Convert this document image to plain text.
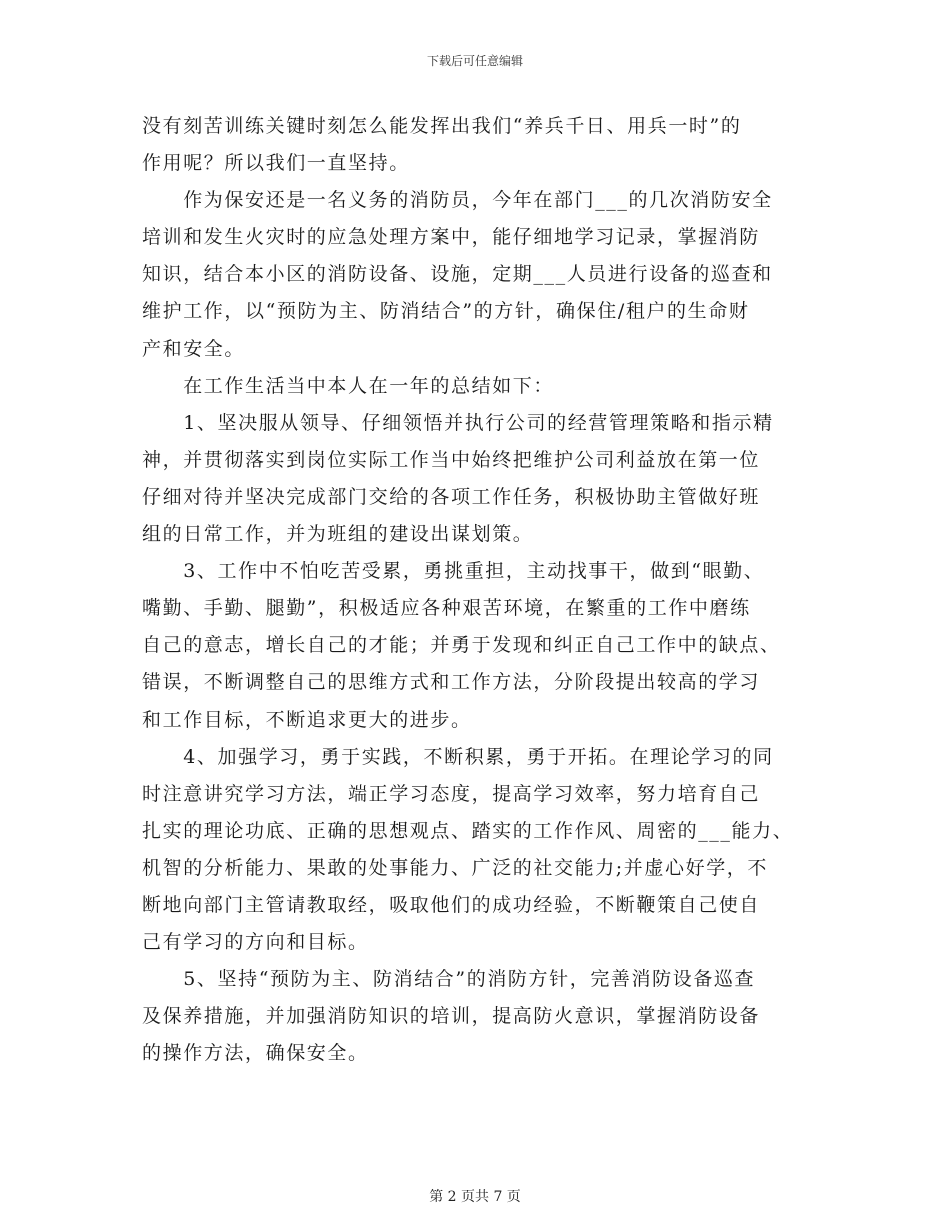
下载后可任意编辑
没有刻苦训练关键时刻怎么能发挥出我们“养兵千日、用兵一时”的
作用呢？所以我们一直坚持。
　　作为保安还是一名义务的消防员，今年在部门___的几次消防安全
培训和发生火灾时的应急处理方案中，能仔细地学习记录，掌握消防
知识，结合本小区的消防设备、设施，定期___人员进行设备的巡查和
维护工作，以“预防为主、防消结合”的方针，确保住/租户的生命财
产和安全。
　　在工作生活当中本人在一年的总结如下：
　　1、坚决服从领导、仔细领悟并执行公司的经营管理策略和指示精
神，并贯彻落实到岗位实际工作当中始终把维护公司利益放在第一位
仔细对待并坚决完成部门交给的各项工作任务，积极协助主管做好班
组的日常工作，并为班组的建设出谋划策。
　　3、工作中不怕吃苦受累，勇挑重担，主动找事干，做到“眼勤、
嘴勤、手勤、腿勤”，积极适应各种艰苦环境，在繁重的工作中磨练
自己的意志，增长自己的才能；并勇于发现和纠正自己工作中的缺点、
错误，不断调整自己的思维方式和工作方法，分阶段提出较高的学习
和工作目标，不断追求更大的进步。
　　4、加强学习，勇于实践，不断积累，勇于开拓。在理论学习的同
时注意讲究学习方法，端正学习态度，提高学习效率，努力培育自己
扎实的理论功底、正确的思想观点、踏实的工作作风、周密的___能力、
机智的分析能力、果敢的处事能力、广泛的社交能力;并虚心好学，不
断地向部门主管请教取经，吸取他们的成功经验，不断鞭策自己使自
己有学习的方向和目标。
　　5、坚持“预防为主、防消结合”的消防方针，完善消防设备巡查
及保养措施，并加强消防知识的培训，提高防火意识，掌握消防设备
的操作方法，确保安全。
第 2 页共 7 页
